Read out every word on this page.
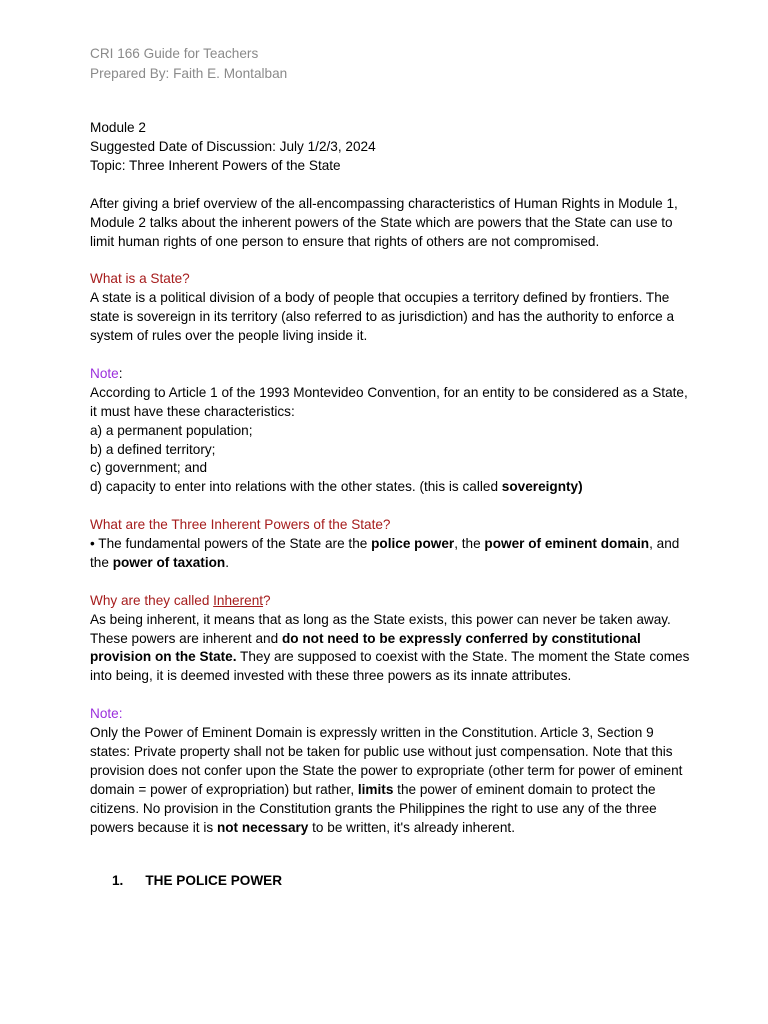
CRI 166 Guide for Teachers

Prepared By: Faith E. Montalban

Module 2

Suggested Date of Discussion: July 1/2/3, 2024

Topic: Three Inherent Powers of the State

After giving a brief overview of the all-encompassing characteristics of Human Rights in Module 1, Module 2 talks about the inherent powers of the State which are powers that the State can use to limit human rights of one person to ensure that rights of others are not compromised.

What is a State?

A state is a political division of a body of people that occupies a territory defined by frontiers. The state is sovereign in its territory (also referred to as jurisdiction) and has the authority to enforce a system of rules over the people living inside it.

Note:

According to Article 1 of the 1993 Montevideo Convention, for an entity to be considered as a State, it must have these characteristics:

a) a permanent population;

b) a defined territory;

c) government; and

d) capacity to enter into relations with the other states. (this is called sovereignty)

What are the Three Inherent Powers of the State?

• The fundamental powers of the State are the police power, the power of eminent domain, and the power of taxation.

Why are they called Inherent?

As being inherent, it means that as long as the State exists, this power can never be taken away. These powers are inherent and do not need to be expressly conferred by constitutional provision on the State. They are supposed to coexist with the State. The moment the State comes into being, it is deemed invested with these three powers as its innate attributes.

Note:

Only the Power of Eminent Domain is expressly written in the Constitution. Article 3, Section 9 states: Private property shall not be taken for public use without just compensation. Note that this provision does not confer upon the State the power to expropriate (other term for power of eminent domain = power of expropriation) but rather, limits the power of eminent domain to protect the citizens. No provision in the Constitution grants the Philippines the right to use any of the three powers because it is not necessary to be written, it's already inherent.

1. THE POLICE POWER
